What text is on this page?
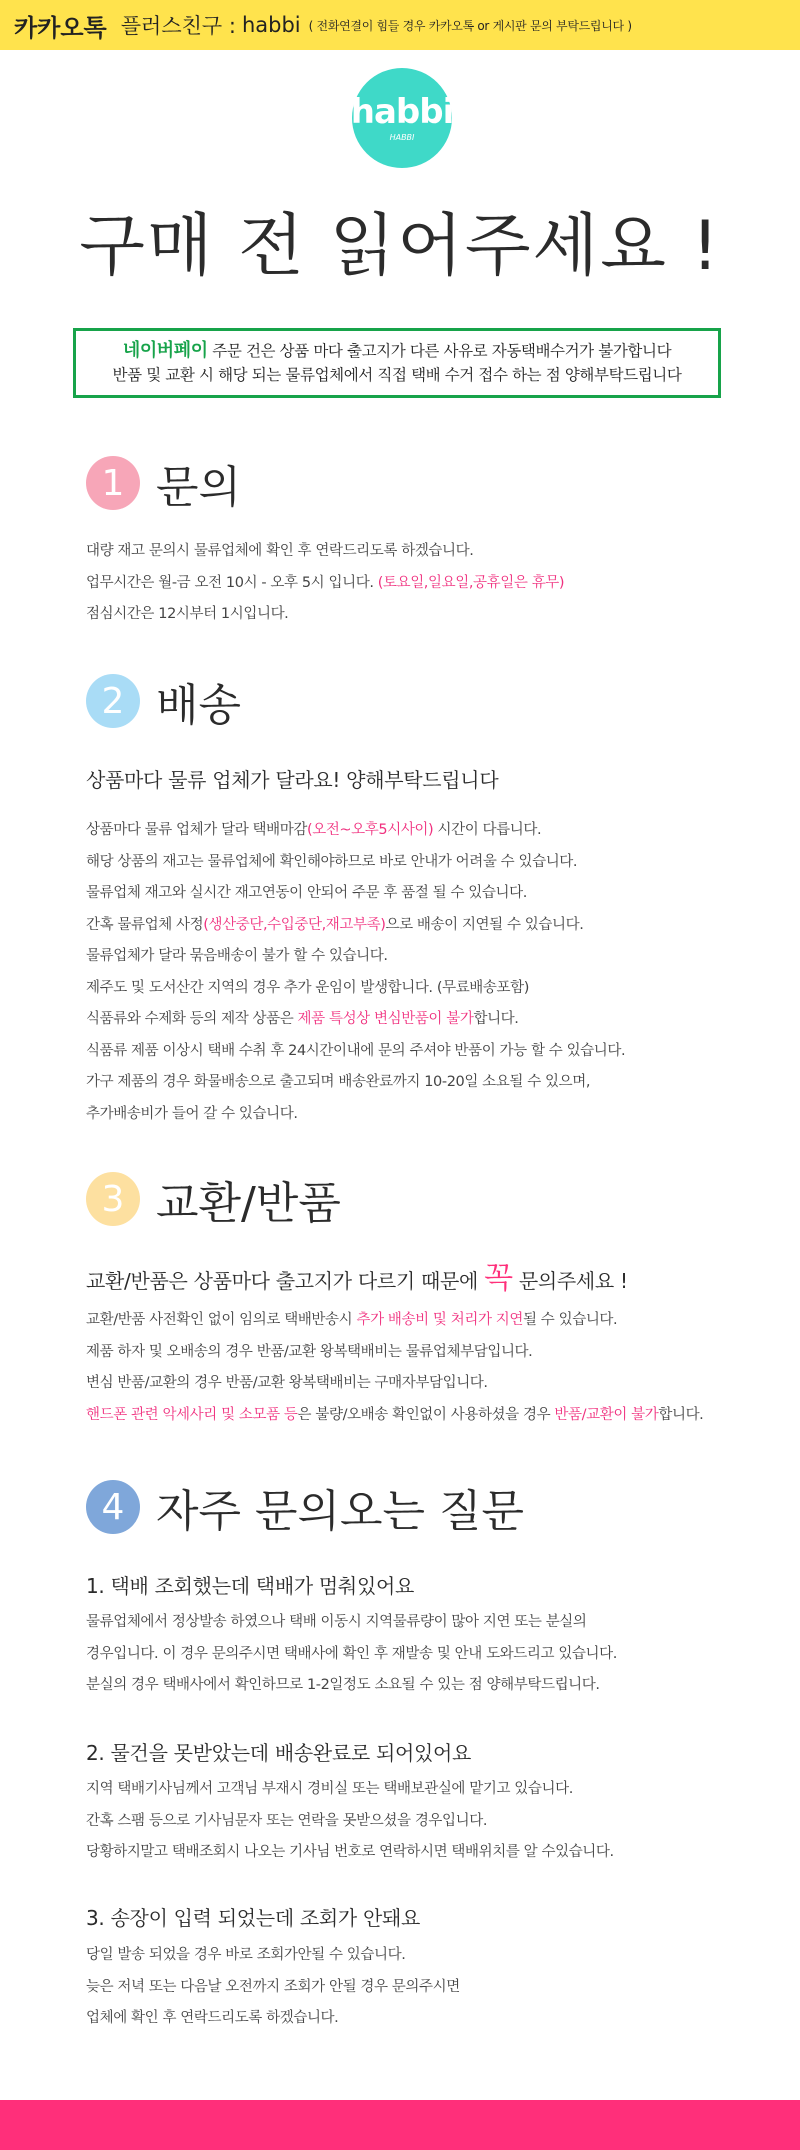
카카오톡 플러스친구 : habbi ( 전화연결이 힘들 경우 카카오톡 or 게시판 문의 부탁드립니다 )
habbi
HABBI
구매 전 읽어주세요 !
네이버페이 주문 건은 상품 마다 출고지가 다른 사유로 자동택배수거가 불가합니다
반품 및 교환 시 해당 되는 물류업체에서 직접 택배 수거 접수 하는 점 양해부탁드립니다
1 문의
대량 재고 문의시 물류업체에 확인 후 연락드리도록 하겠습니다.
업무시간은 월-금 오전 10시 - 오후 5시 입니다. (토요일,일요일,공휴일은 휴무)
점심시간은 12시부터 1시입니다.
2 배송
상품마다 물류 업체가 달라요! 양해부탁드립니다
상품마다 물류 업체가 달라 택배마감(오전~오후5시사이) 시간이 다릅니다.
해당 상품의 재고는 물류업체에 확인해야하므로 바로 안내가 어려울 수 있습니다.
물류업체 재고와 실시간 재고연동이 안되어 주문 후 품절 될 수 있습니다.
간혹 물류업체 사정(생산중단,수입중단,재고부족)으로 배송이 지연될 수 있습니다.
물류업체가 달라 묶음배송이 불가 할 수 있습니다.
제주도 및 도서산간 지역의 경우 추가 운임이 발생합니다. (무료배송포함)
식품류와 수제화 등의 제작 상품은 제품 특성상 변심반품이 불가합니다.
식품류 제품 이상시 택배 수취 후 24시간이내에 문의 주셔야 반품이 가능 할 수 있습니다.
가구 제품의 경우 화물배송으로 출고되며 배송완료까지 10-20일 소요될 수 있으며,
추가배송비가 들어 갈 수 있습니다.
3 교환/반품
교환/반품은 상품마다 출고지가 다르기 때문에 꼭 문의주세요 !
교환/반품 사전확인 없이 임의로 택배반송시 추가 배송비 및 처리가 지연될 수 있습니다.
제품 하자 및 오배송의 경우 반품/교환 왕복택배비는 물류업체부담입니다.
변심 반품/교환의 경우 반품/교환 왕복택배비는 구매자부담입니다.
핸드폰 관련 악세사리 및 소모품 등은 불량/오배송 확인없이 사용하셨을 경우 반품/교환이 불가합니다.
4 자주 문의오는 질문
1. 택배 조회했는데 택배가 멈춰있어요
물류업체에서 정상발송 하였으나 택배 이동시 지역물류량이 많아 지연 또는 분실의
경우입니다. 이 경우 문의주시면 택배사에 확인 후 재발송 및 안내 도와드리고 있습니다.
분실의 경우 택배사에서 확인하므로 1-2일정도 소요될 수 있는 점 양해부탁드립니다.
2. 물건을 못받았는데 배송완료로 되어있어요
지역 택배기사님께서 고객님 부재시 경비실 또는 택배보관실에 맡기고 있습니다.
간혹 스팸 등으로 기사님문자 또는 연락을 못받으셨을 경우입니다.
당황하지말고 택배조회시 나오는 기사님 번호로 연락하시면 택배위치를 알 수있습니다.
3. 송장이 입력 되었는데 조회가 안돼요
당일 발송 되었을 경우 바로 조회가안될 수 있습니다.
늦은 저녁 또는 다음날 오전까지 조회가 안될 경우 문의주시면
업체에 확인 후 연락드리도록 하겠습니다.
